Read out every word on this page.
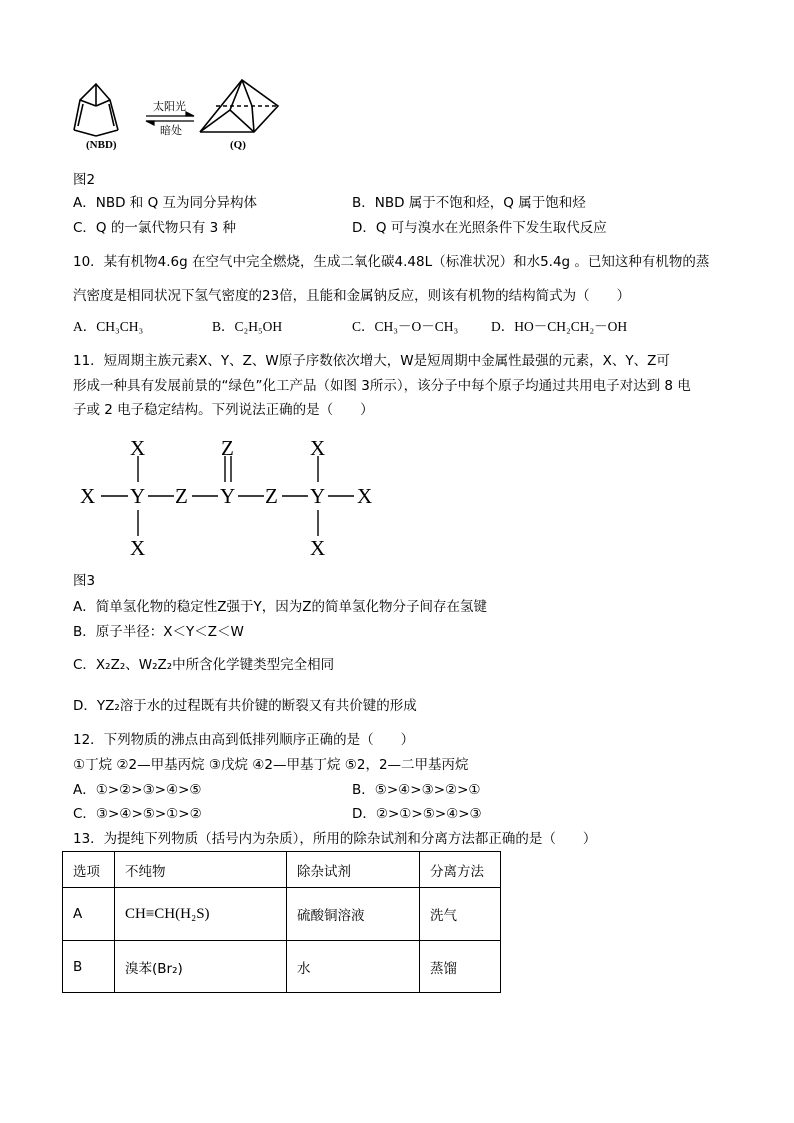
(NBD)	(Q)
太阳光
暗处
图2
A．NBD 和 Q 互为同分异构体	B．NBD 属于不饱和烃，Q 属于饱和烃
C．Q 的一氯代物只有 3 种	D．Q 可与溴水在光照条件下发生取代反应
10．某有机物4.6g 在空气中完全燃烧，生成二氧化碳4.48L（标准状况）和水5.4g 。已知这种有机物的蒸
汽密度是相同状况下氢气密度的23倍，且能和金属钠反应，则该有机物的结构简式为（　　）
A．CH₃CH₃	B．C₂H₅OH	C．CH₃－O－CH₃ D．HO－CH₂CH₂－OH
11．短周期主族元素X、Y、Z、W原子序数依次增大，W是短周期中金属性最强的元素，X、Y、Z可
形成一种具有发展前景的“绿色”化工产品（如图 3所示），该分子中每个原子均通过共用电子对达到 8 电
子或 2 电子稳定结构。下列说法正确的是（　　）
X Y Z Y Z Y X
X
X
Z	X
X
图3
A．简单氢化物的稳定性Z强于Y，因为Z的简单氢化物分子间存在氢键
B．原子半径：X＜Y＜Z＜W
C．X₂Z₂、W₂Z₂中所含化学键类型完全相同
D．YZ₂溶于水的过程既有共价键的断裂又有共价键的形成
12．下列物质的沸点由高到低排列顺序正确的是（　　）
①丁烷 ②2—甲基丙烷 ③戊烷 ④2—甲基丁烷 ⑤2，2—二甲基丙烷
A．①>②>③>④>⑤	B．⑤>④>③>②>①
C．③>④>⑤>①>②	D．②>①>⑤>④>③
13．为提纯下列物质（括号内为杂质），所用的除杂试剂和分离方法都正确的是（　　）
选项	不纯物	除杂试剂	分离方法
A	CH≡CH(H₂S)	硫酸铜溶液	洗气
B	溴苯(Br₂)	水	蒸馏
